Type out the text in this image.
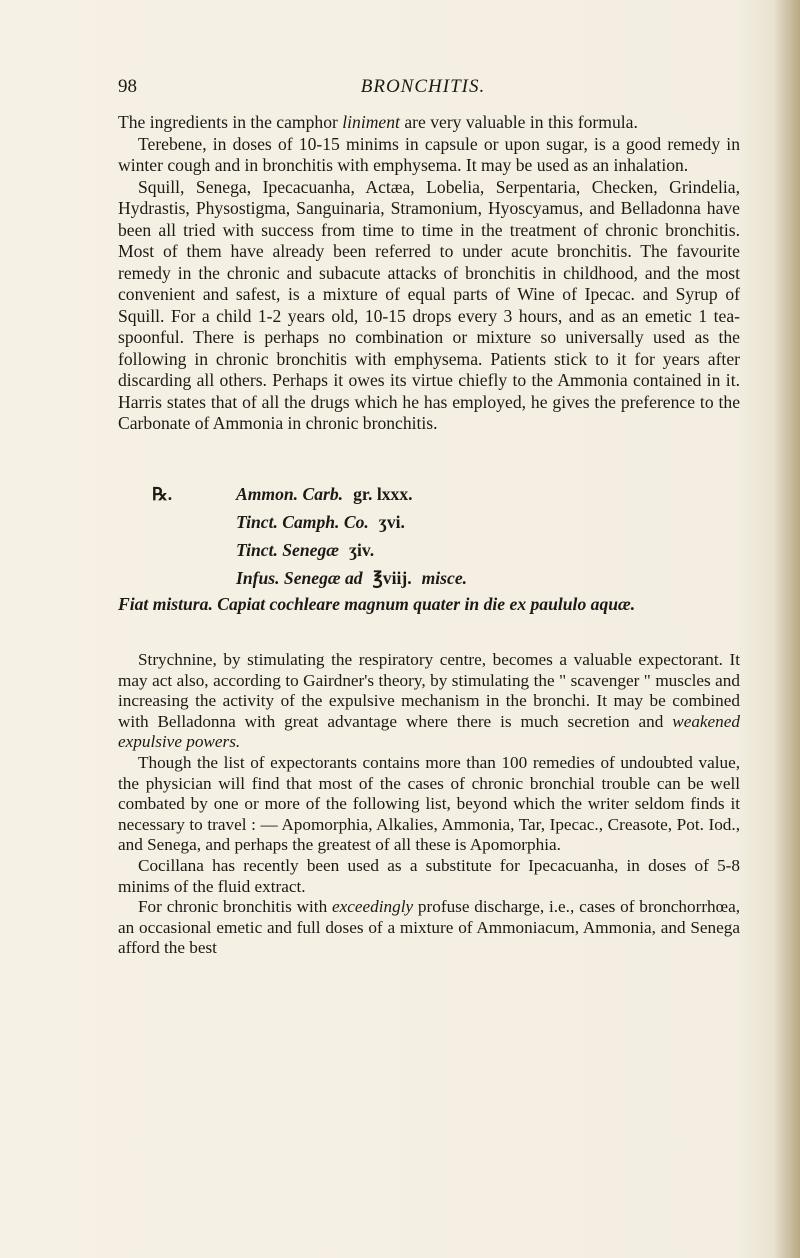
98	BRONCHITIS.

The ingredients in the camphor liniment are very valuable in this formula.

Terebene, in doses of 10-15 minims in capsule or upon sugar, is a good remedy in winter cough and in bronchitis with emphysema. It may be used as an inhalation.

Squill, Senega, Ipecacuanha, Actæa, Lobelia, Serpentaria, Checken, Grindelia, Hydrastis, Physostigma, Sanguinaria, Stramonium, Hyoscyamus, and Belladonna have been all tried with success from time to time in the treatment of chronic bronchitis. Most of them have already been referred to under acute bronchitis. The favourite remedy in the chronic and subacute attacks of bronchitis in childhood, and the most convenient and safest, is a mixture of equal parts of Wine of Ipecac. and Syrup of Squill. For a child 1-2 years old, 10-15 drops every 3 hours, and as an emetic 1 tea-spoonful. There is perhaps no combination or mixture so universally used as the following in chronic bronchitis with emphysema. Patients stick to it for years after discarding all others. Perhaps it owes its virtue chiefly to the Ammonia contained in it. Harris states that of all the drugs which he has employed, he gives the preference to the Carbonate of Ammonia in chronic bronchitis.

℞.	Ammon. Carb. gr. lxxx.
Tinct. Camph. Co. ʒvi.
Tinct. Senegæ ʒiv.
Infus. Senegæ ad ℥viij. misce.
Fiat mistura. Capiat cochleare magnum quater in die ex paululo aquæ.

Strychnine, by stimulating the respiratory centre, becomes a valuable expectorant. It may act also, according to Gairdner's theory, by stimulating the " scavenger " muscles and increasing the activity of the expulsive mechanism in the bronchi. It may be combined with Belladonna with great advantage where there is much secretion and weakened expulsive powers.

Though the list of expectorants contains more than 100 remedies of undoubted value, the physician will find that most of the cases of chronic bronchial trouble can be well combated by one or more of the following list, beyond which the writer seldom finds it necessary to travel : — Apomorphia, Alkalies, Ammonia, Tar, Ipecac., Creasote, Pot. Iod., and Senega, and perhaps the greatest of all these is Apomorphia.

Cocillana has recently been used as a substitute for Ipecacuanha, in doses of 5-8 minims of the fluid extract.

For chronic bronchitis with exceedingly profuse discharge, i.e., cases of bronchorrhœa, an occasional emetic and full doses of a mixture of Ammoniacum, Ammonia, and Senega afford the best
